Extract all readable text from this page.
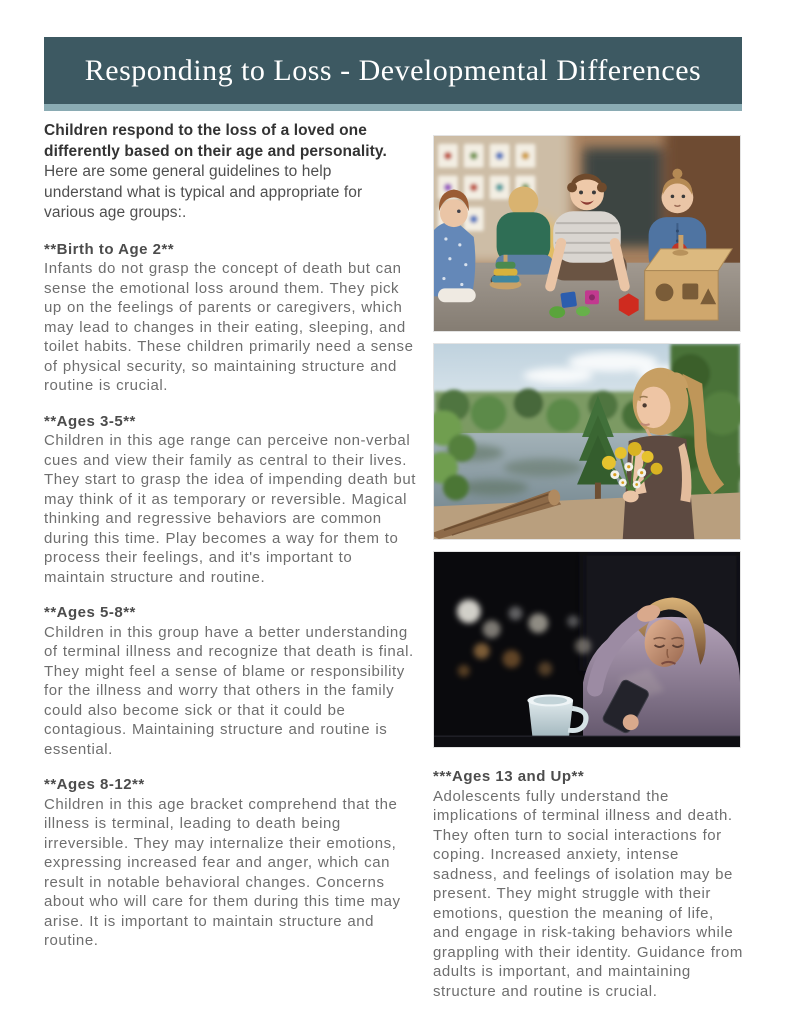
Responding to Loss - Developmental Differences

Children respond to the loss of a loved one differently based on their age and personality. Here are some general guidelines to help understand what is typical and appropriate for various age groups:.

**Birth to Age 2**
Infants do not grasp the concept of death but can sense the emotional loss around them. They pick up on the feelings of parents or caregivers, which may lead to changes in their eating, sleeping, and toilet habits. These children primarily need a sense of physical security, so maintaining structure and routine is crucial.
**Ages 3-5**
Children in this age range can perceive non-verbal cues and view their family as central to their lives. They start to grasp the idea of impending death but may think of it as temporary or reversible. Magical thinking and regressive behaviors are common during this time. Play becomes a way for them to process their feelings, and it's important to maintain structure and routine.
**Ages 5-8**
Children in this group have a better understanding of terminal illness and recognize that death is final. They might feel a sense of blame or responsibility for the illness and worry that others in the family could also become sick or that it could be contagious. Maintaining structure and routine is essential.
**Ages 8-12**
Children in this age bracket comprehend that the illness is terminal, leading to death being irreversible. They may internalize their emotions, expressing increased fear and anger, which can result in notable behavioral changes. Concerns about who will care for them during this time may arise. It is important to maintain structure and routine.
***Ages 13 and Up**
Adolescents fully understand the implications of terminal illness and death. They often turn to social interactions for coping. Increased anxiety, intense sadness, and feelings of isolation may be present. They might struggle with their emotions, question the meaning of life, and engage in risk-taking behaviors while grappling with their identity. Guidance from adults is important, and maintaining structure and routine is crucial.
